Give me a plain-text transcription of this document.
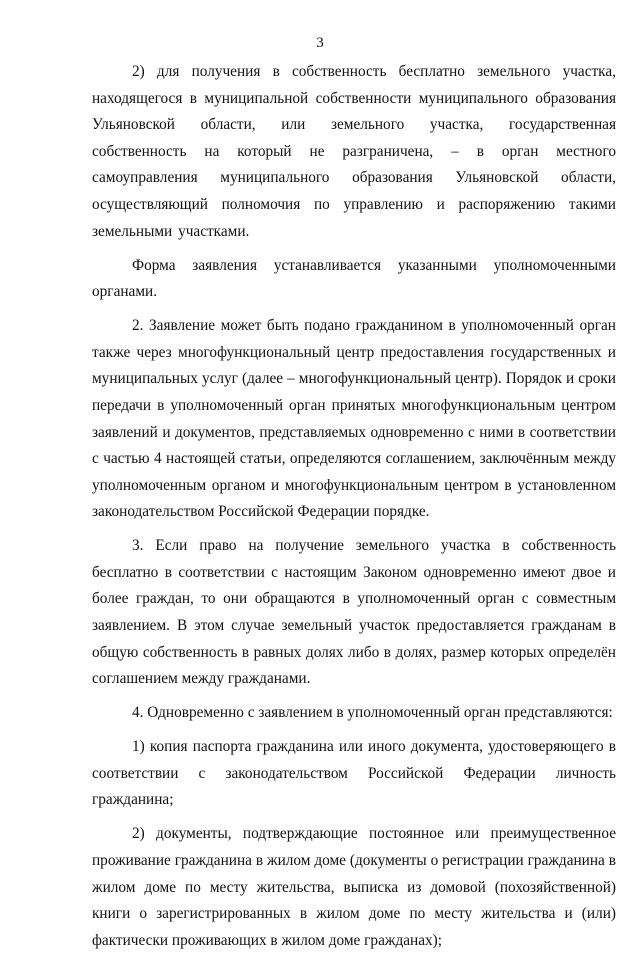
3

2) для получения в собственность бесплатно земельного участка, находящегося в муниципальной собственности муниципального образования Ульяновской области, или земельного участка, государственная собственность на который не разграничена, – в орган местного самоуправления муниципального образования Ульяновской области, осуществляющий полномочия по управлению и распоряжению такими земельными участками.

Форма заявления устанавливается указанными уполномоченными органами.

2. Заявление может быть подано гражданином в уполномоченный орган также через многофункциональный центр предоставления государственных и муниципальных услуг (далее – многофункциональный центр). Порядок и сроки передачи в уполномоченный орган принятых многофункциональным центром заявлений и документов, представляемых одновременно с ними в соответствии с частью 4 настоящей статьи, определяются соглашением, заключённым между уполномоченным органом и многофункциональным центром в установленном законодательством Российской Федерации порядке.

3. Если право на получение земельного участка в собственность бесплатно в соответствии с настоящим Законом одновременно имеют двое и более граждан, то они обращаются в уполномоченный орган с совместным заявлением. В этом случае земельный участок предоставляется гражданам в общую собственность в равных долях либо в долях, размер которых определён соглашением между гражданами.

4. Одновременно с заявлением в уполномоченный орган представляются:

1) копия паспорта гражданина или иного документа, удостоверяющего в соответствии с законодательством Российской Федерации личность гражданина;

2) документы, подтверждающие постоянное или преимущественное проживание гражданина в жилом доме (документы о регистрации гражданина в жилом доме по месту жительства, выписка из домовой (похозяйственной) книги о зарегистрированных в жилом доме по месту жительства и (или) фактически проживающих в жилом доме гражданах);
